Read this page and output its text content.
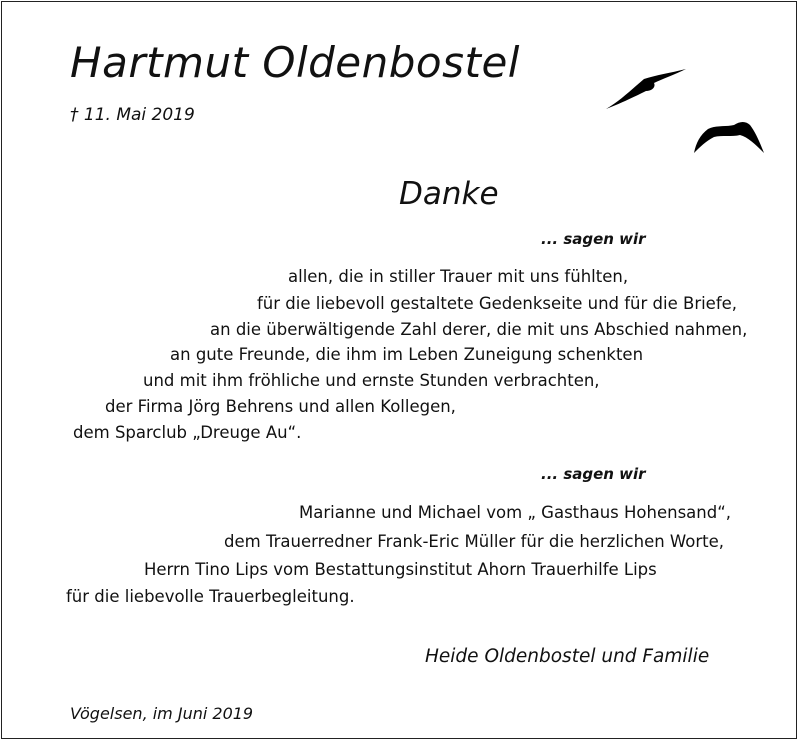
Hartmut Oldenbostel
† 11. Mai 2019
Danke
... sagen wir
allen, die in stiller Trauer mit uns fühlten,
für die liebevoll gestaltete Gedenkseite und für die Briefe,
an die überwältigende Zahl derer, die mit uns Abschied nahmen,
an gute Freunde, die ihm im Leben Zuneigung schenkten
und mit ihm fröhliche und ernste Stunden verbrachten,
der Firma Jörg Behrens und allen Kollegen,
dem Sparclub „Dreuge Au“.
... sagen wir
Marianne und Michael vom „ Gasthaus Hohensand“,
dem Trauerredner Frank-Eric Müller für die herzlichen Worte,
Herrn Tino Lips vom Bestattungsinstitut Ahorn Trauerhilfe Lips
für die liebevolle Trauerbegleitung.
Heide Oldenbostel und Familie
Vögelsen, im Juni 2019
